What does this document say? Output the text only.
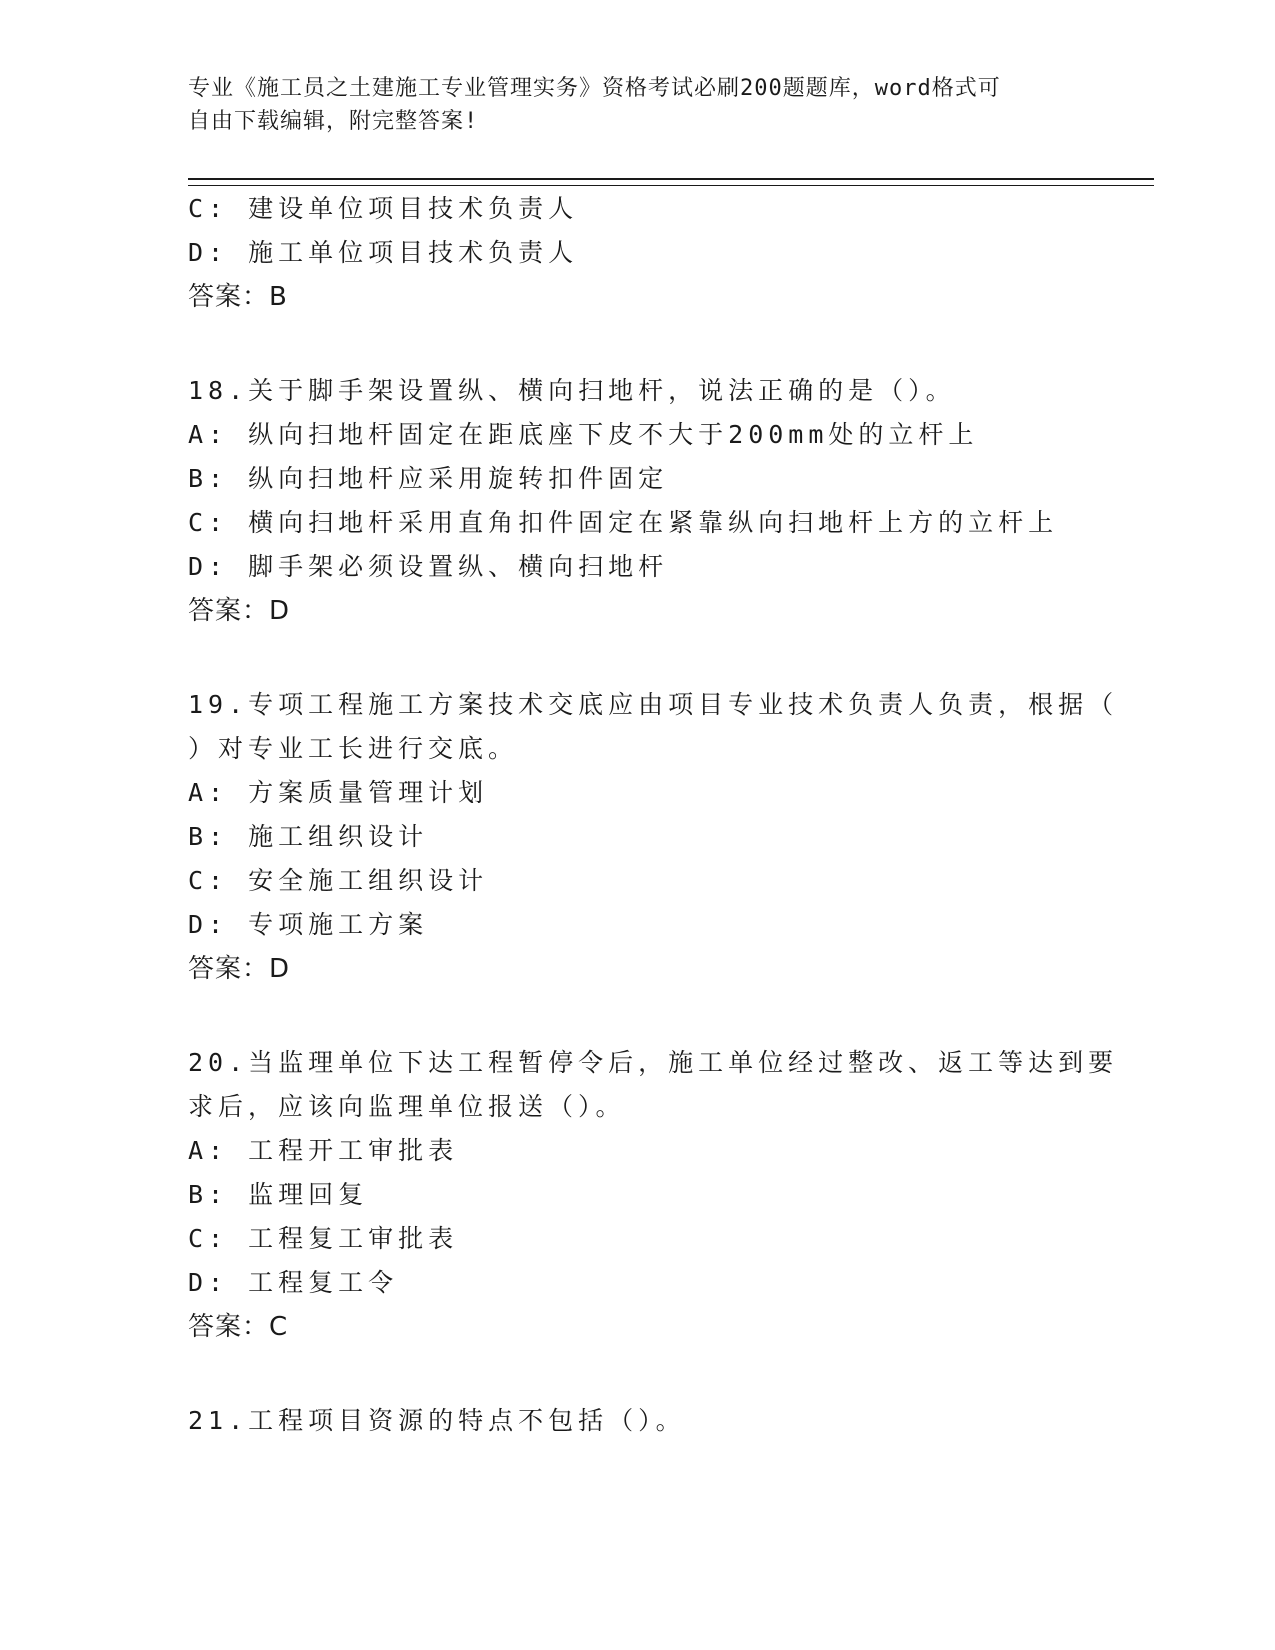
专业《施工员之土建施工专业管理实务》资格考试必刷200题题库，word格式可
自由下载编辑，附完整答案!
C: 建设单位项目技术负责人
D: 施工单位项目技术负责人
答案：B
18.关于脚手架设置纵、横向扫地杆，说法正确的是（）。
A: 纵向扫地杆固定在距底座下皮不大于200mm处的立杆上
B: 纵向扫地杆应采用旋转扣件固定
C: 横向扫地杆采用直角扣件固定在紧靠纵向扫地杆上方的立杆上
D: 脚手架必须设置纵、横向扫地杆
答案：D
19.专项工程施工方案技术交底应由项目专业技术负责人负责，根据（
）对专业工长进行交底。
A: 方案质量管理计划
B: 施工组织设计
C: 安全施工组织设计
D: 专项施工方案
答案：D
20.当监理单位下达工程暂停令后，施工单位经过整改、返工等达到要
求后，应该向监理单位报送（）。
A: 工程开工审批表
B: 监理回复
C: 工程复工审批表
D: 工程复工令
答案：C
21.工程项目资源的特点不包括（）。
